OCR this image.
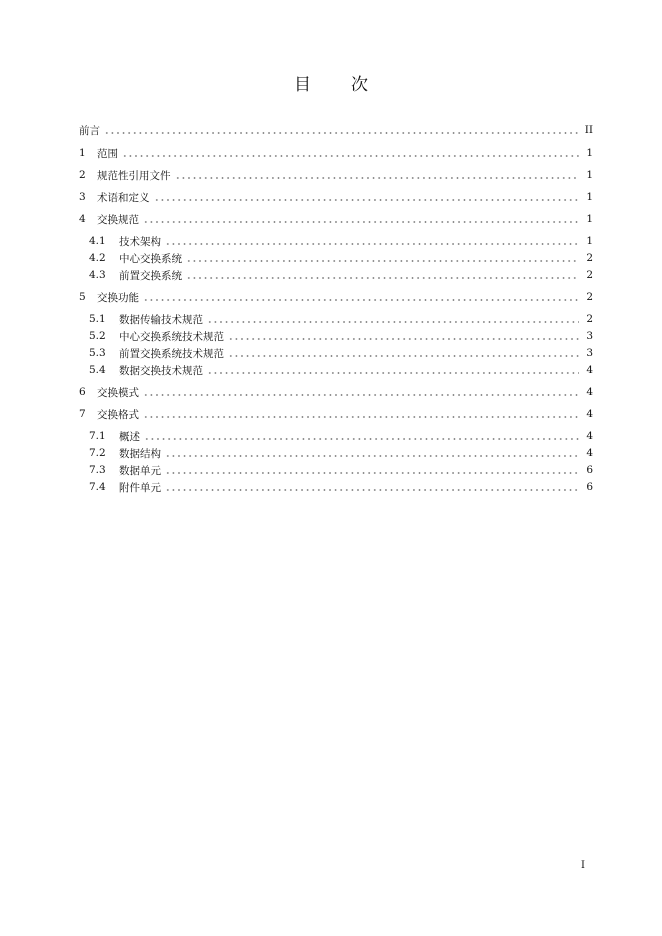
目 次
前言	II
1	范围	1
2	规范性引用文件	1
3	术语和定义	1
4	交换规范	1
4.1	技术架构	1
4.2	中心交换系统	2
4.3	前置交换系统	2
5	交换功能	2
5.1	数据传输技术规范	2
5.2	中心交换系统技术规范	3
5.3	前置交换系统技术规范	3
5.4	数据交换技术规范	4
6	交换模式	4
7	交换格式	4
7.1	概述	4
7.2	数据结构	4
7.3	数据单元	6
7.4	附件单元	6
I
